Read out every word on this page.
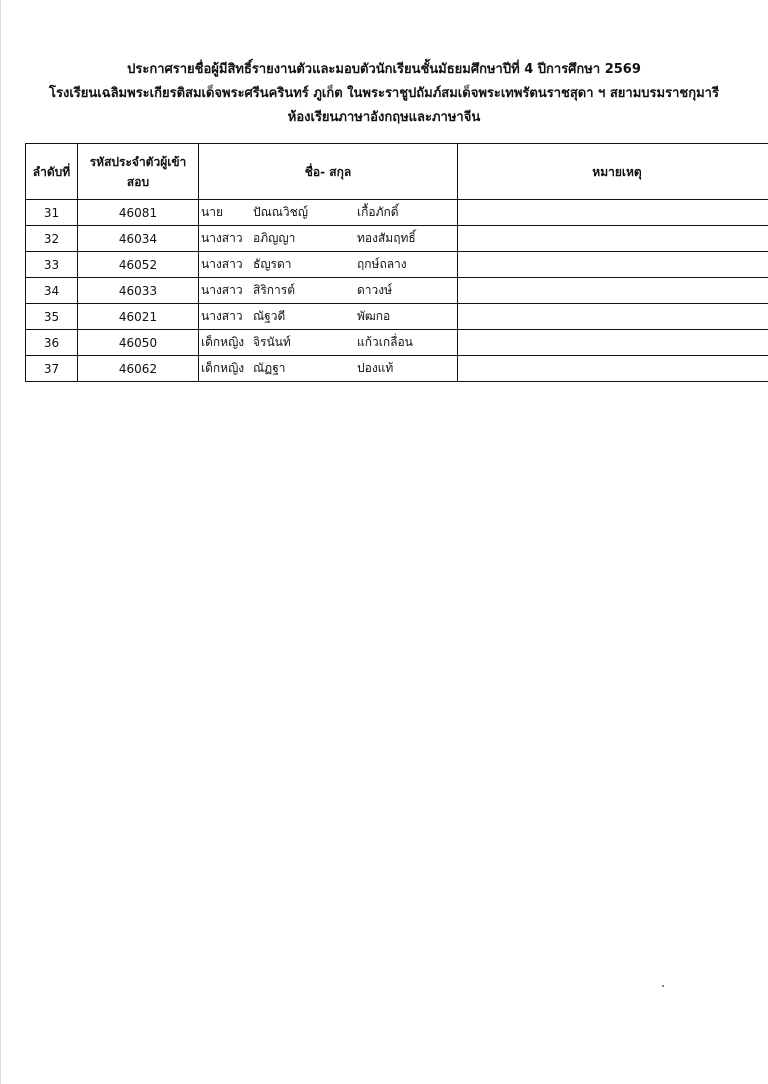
ประกาศรายชื่อผู้มีสิทธิ์รายงานตัวและมอบตัวนักเรียนชั้นมัธยมศึกษาปีที่ 4 ปีการศึกษา 2569
โรงเรียนเฉลิมพระเกียรติสมเด็จพระศรีนครินทร์ ภูเก็ต ในพระราชูปถัมภ์สมเด็จพระเทพรัตนราชสุดา ฯ สยามบรมราชกุมารี
ห้องเรียนภาษาอังกฤษและภาษาจีน
ลำดับที่	รหัสประจำตัวผู้เข้าสอบ	ชื่อ- สกุล	หมายเหตุ
31	46081	นาย ปัณณวิชญ์ เกื้อภักดิ์	

32	46034	นางสาว อภิญญา ทองสัมฤทธิ์	

33	46052	นางสาว ธัญรดา ฤกษ์ถลาง	

34	46033	นางสาว สิริการต์ ดาวงษ์	

35	46021	นางสาว ณัฐวดี พัฒกอ	

36	46050	เด็กหญิง จิรนันท์ แก้วเกลื่อน	

37	46062	เด็กหญิง ณัฏฐา ปองแท้	
